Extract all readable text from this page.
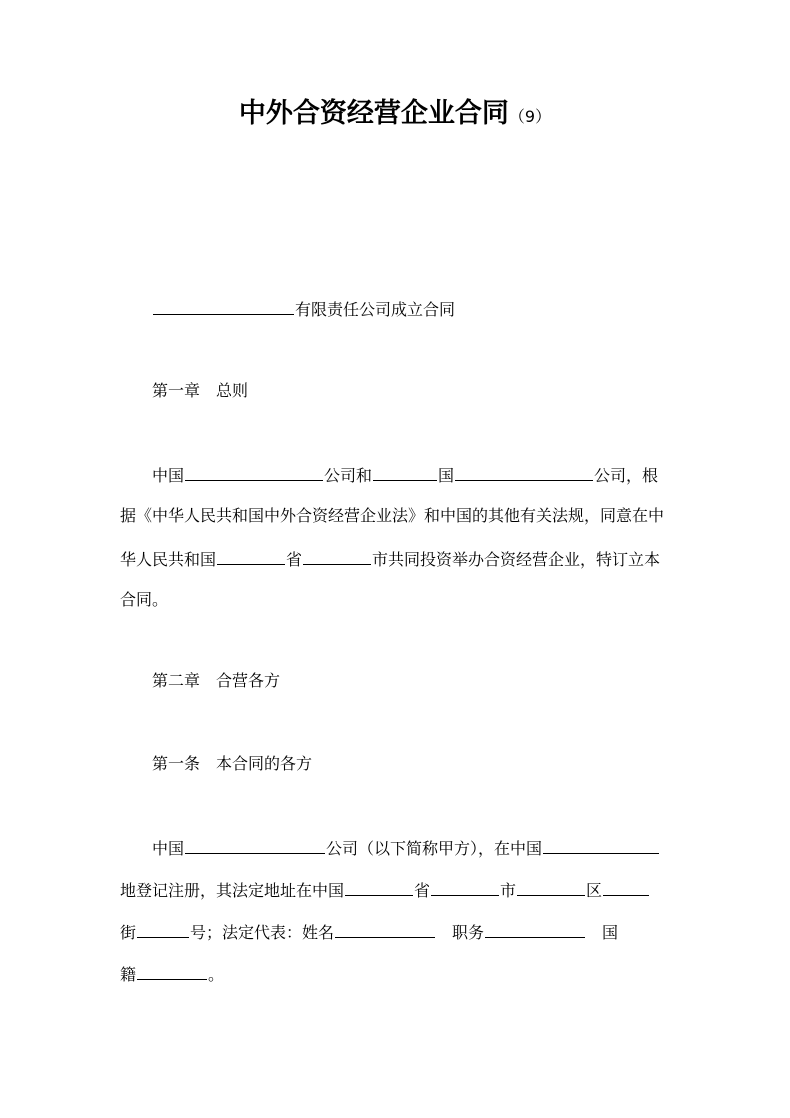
中外合资经营企业合同（9）
有限责任公司成立合同
第一章 总则
中国	公司和	国	公司，根
据《中华人民共和国中外合资经营企业法》和中国的其他有关法规，同意在中
华人民共和国	省	市共同投资举办合资经营企业，特订立本
合同。
第二章 合营各方
第一条 本合同的各方
中国	公司（以下简称甲方），在中国
地登记注册，其法定地址在中国	省	市	区
街	号；法定代表：姓名	职务	国
籍	。
